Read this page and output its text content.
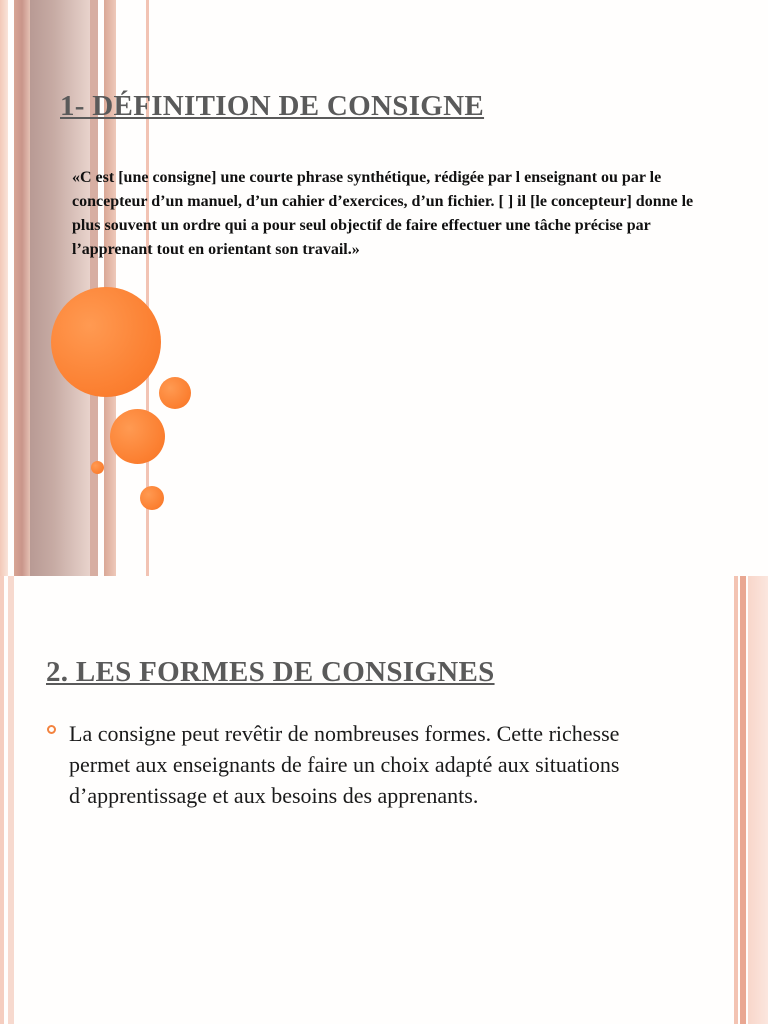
1- DÉFINITION DE CONSIGNE

«C est [une consigne] une courte phrase synthétique, rédigée par l enseignant ou par le concepteur d’un manuel, d’un cahier d’exercices, d’un fichier. [ ] il [le concepteur] donne le plus souvent un ordre qui a pour seul objectif de faire effectuer une tâche précise par l’apprenant tout en orientant son travail.»

2. LES FORMES DE CONSIGNES

La consigne peut revêtir de nombreuses formes. Cette richesse permet aux enseignants de faire un choix adapté aux situations d’apprentissage et aux besoins des apprenants.
